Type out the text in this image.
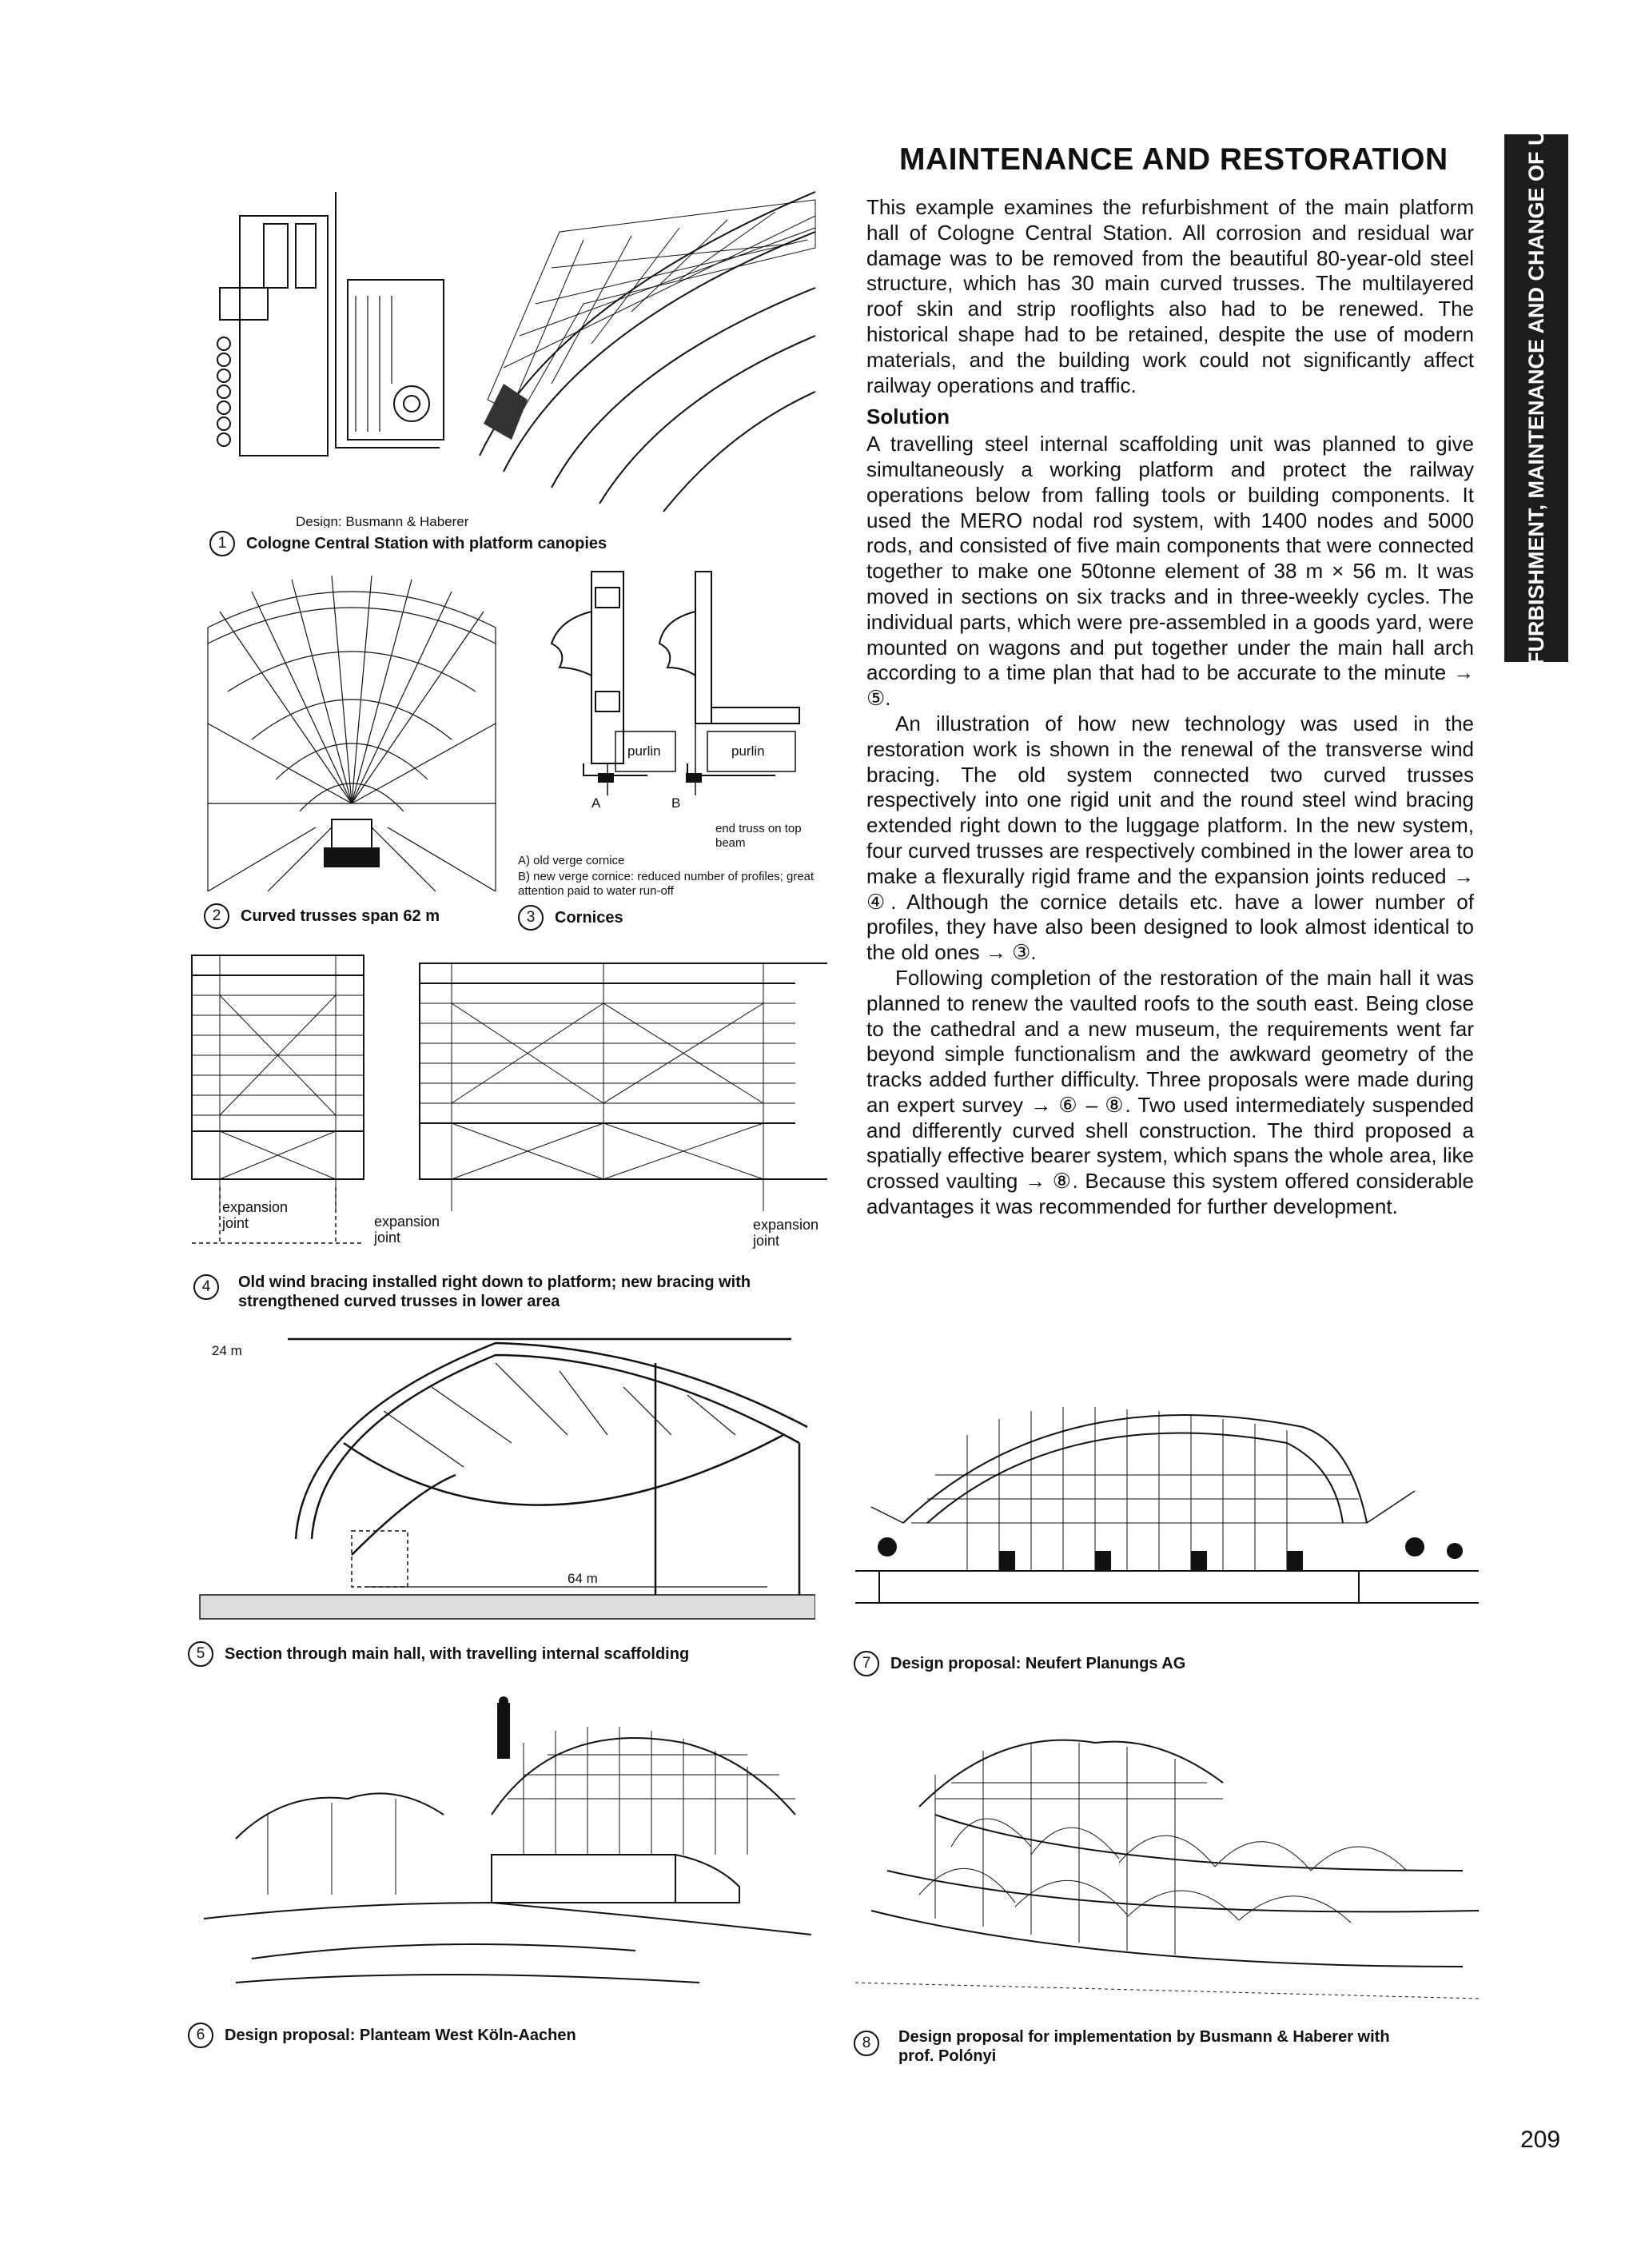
MAINTENANCE AND RESTORATION	REFURBISHMENT, MAINTENANCE AND CHANGE OF USE

This example examines the refurbishment of the main platform hall of Cologne Central Station. All corrosion and residual war damage was to be removed from the beautiful 80-year-old steel structure, which has 30 main curved trusses. The multilayered roof skin and strip rooflights also had to be renewed. The historical shape had to be retained, despite the use of modern materials, and the building work could not significantly affect railway operations and traffic.

Solution

A travelling steel internal scaffolding unit was planned to give simultaneously a working platform and protect the railway operations below from falling tools or building components. It used the MERO nodal rod system, with 1400 nodes and 5000 rods, and consisted of five main components that were connected together to make one 50tonne element of 38 m × 56 m. It was moved in sections on six tracks and in three-weekly cycles. The individual parts, which were pre-assembled in a goods yard, were mounted on wagons and put together under the main hall arch according to a time plan that had to be accurate to the minute → ⑤.

An illustration of how new technology was used in the restoration work is shown in the renewal of the transverse wind bracing. The old system connected two curved trusses respectively into one rigid unit and the round steel wind bracing extended right down to the luggage platform. In the new system, four curved trusses are respectively combined in the lower area to make a flexurally rigid frame and the expansion joints reduced → ④. Although the cornice details etc. have a lower number of profiles, they have also been designed to look almost identical to the old ones → ③.

Following completion of the restoration of the main hall it was planned to renew the vaulted roofs to the south east. Being close to the cathedral and a new museum, the requirements went far beyond simple functionalism and the awkward geometry of the tracks added further difficulty. Three proposals were made during an expert survey → ⑥ – ⑧. Two used intermediately suspended and differently curved shell construction. The third proposed a spatially effective bearer system, which spans the whole area, like crossed vaulting → ⑧. Because this system offered considerable advantages it was recommended for further development.

Design: Busmann & Haberer
1 Cologne Central Station with platform canopies
2 Curved trusses span 62 m
purlin	purlin
A	B
end truss on top beam
A) old verge cornice
B) new verge cornice: reduced number of profiles; great attention paid to water run-off
3 Cornices
expansion joint	expansion joint
expansion joint
4	Old wind bracing installed right down to platform; new bracing with strengthened curved trusses in lower area
24 m
64 m
5 Section through main hall, with travelling internal scaffolding
7 Design proposal: Neufert Planungs AG
6 Design proposal: Planteam West Köln-Aachen	8	Design proposal for implementation by Busmann & Haberer with prof. Polónyi
209
